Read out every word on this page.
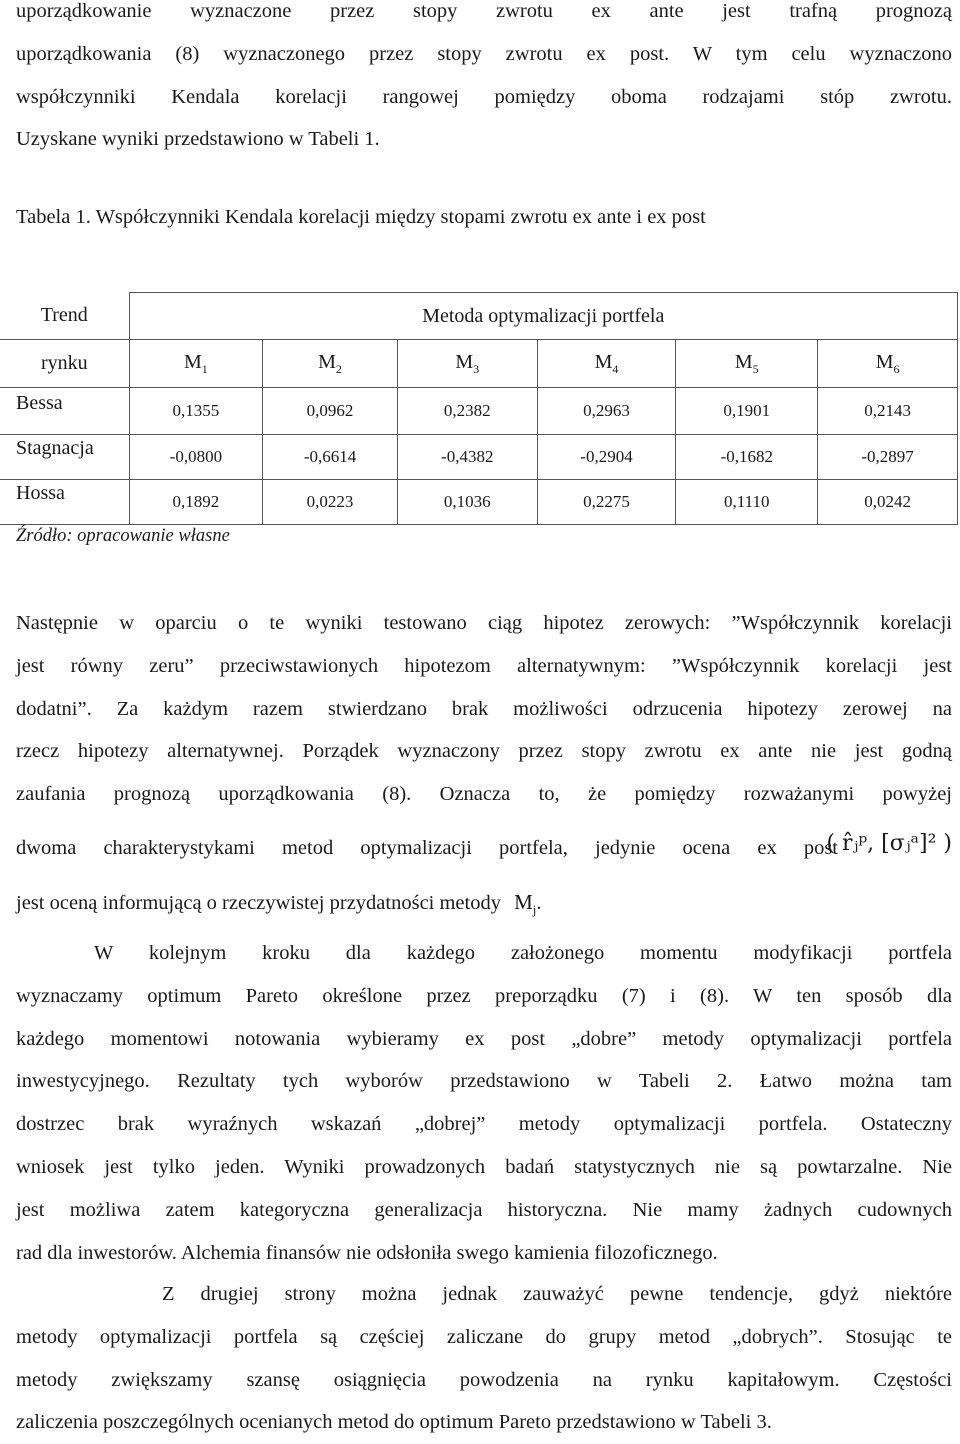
uporządkowanie wyznaczone przez stopy zwrotu ex ante jest trafną prognozą
uporządkowania (8) wyznaczonego przez stopy zwrotu ex post. W tym celu wyznaczono
współczynniki Kendala korelacji rangowej pomiędzy oboma rodzajami stóp zwrotu.
Uzyskane wyniki przedstawiono w Tabeli 1.
Tabela 1. Współczynniki Kendala korelacji między stopami zwrotu ex ante i ex post
Trend	Metoda optymalizacji portfela					
rynku	$M_1$	$M_2$	$M_3$	$M_4$	$M_5$	$M_6$
Bessa	0,1355	0,0962	0,2382	0,2963	0,1901	0,2143
Stagnacja	-0,0800	-0,6614	-0,4382	-0,2904	-0,1682	-0,2897
Hossa	0,1892	0,0223	0,1036	0,2275	0,1110	0,0242
Źródło: opracowanie własne
Następnie w oparciu o te wyniki testowano ciąg hipotez zerowych: ”Współczynnik korelacji
jest równy zeru” przeciwstawionych hipotezom alternatywnym: ”Współczynnik korelacji jest
dodatni”. Za każdym razem stwierdzano brak możliwości odrzucenia hipotezy zerowej na
rzecz hipotezy alternatywnej. Porządek wyznaczony przez stopy zwrotu ex ante nie jest godną
zaufania prognozą uporządkowania (8). Oznacza to, że pomiędzy rozważanymi powyżej
dwoma charakterystykami metod optymalizacji portfela, jedynie ocena ex post
( r̂ⱼᵖ, [σⱼᵃ]² )
jest oceną informującą o rzeczywistej przydatności metody $M_j$.
W kolejnym kroku dla każdego założonego momentu modyfikacji portfela
wyznaczamy optimum Pareto określone przez preporządku (7) i (8). W ten sposób dla
każdego momentowi notowania wybieramy ex post „dobre” metody optymalizacji portfela
inwestycyjnego. Rezultaty tych wyborów przedstawiono w Tabeli 2. Łatwo można tam
dostrzec brak wyraźnych wskazań „dobrej” metody optymalizacji portfela. Ostateczny
wniosek jest tylko jeden. Wyniki prowadzonych badań statystycznych nie są powtarzalne. Nie
jest możliwa zatem kategoryczna generalizacja historyczna. Nie mamy żadnych cudownych
rad dla inwestorów. Alchemia finansów nie odsłoniła swego kamienia filozoficznego.
Z drugiej strony można jednak zauważyć pewne tendencje, gdyż niektóre
metody optymalizacji portfela są częściej zaliczane do grupy metod „dobrych”. Stosując te
metody zwiększamy szansę osiągnięcia powodzenia na rynku kapitałowym. Częstości
zaliczenia poszczególnych ocenianych metod do optimum Pareto przedstawiono w Tabeli 3.
